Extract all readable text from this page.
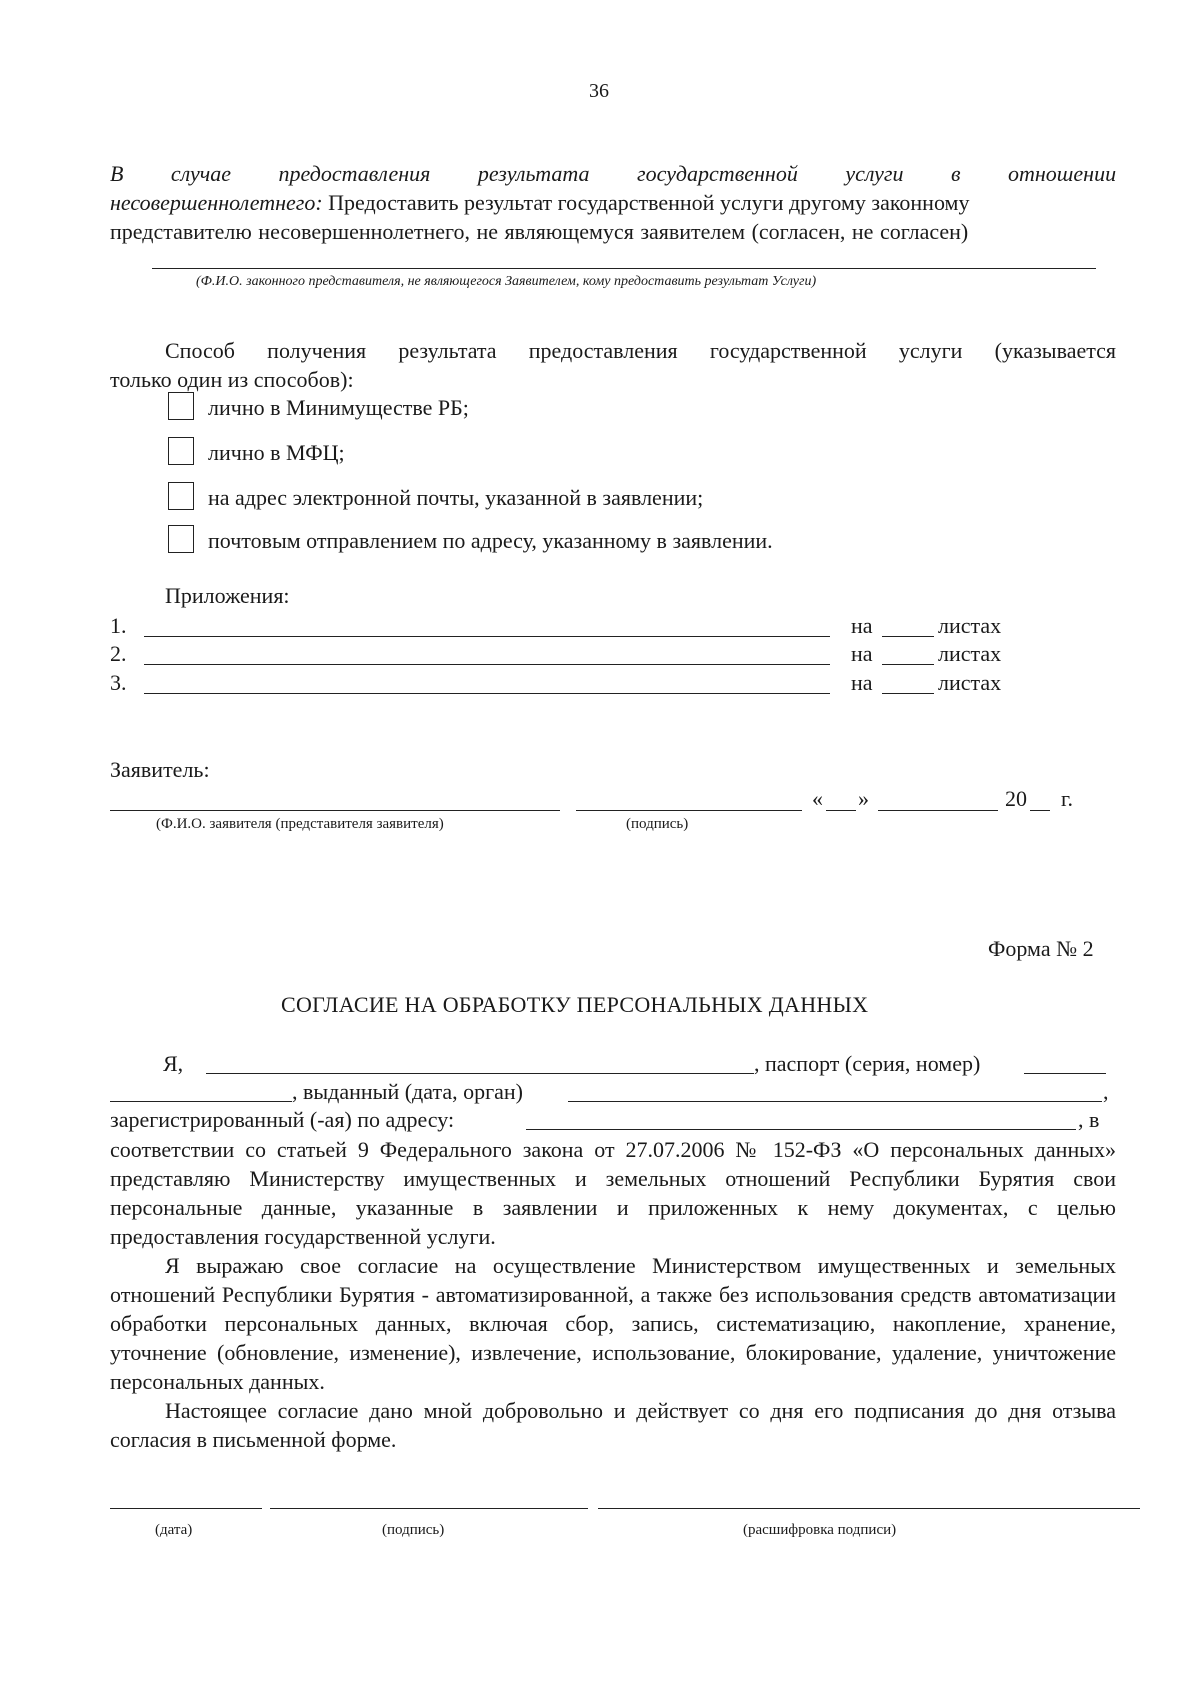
36
В случае предоставления результата государственной услуги в отношении
несовершеннолетнего: Предоставить результат государственной услуги другому законному
представителю несовершеннолетнего, не являющемуся заявителем (согласен, не согласен)
(Ф.И.О. законного представителя, не являющегося Заявителем, кому предоставить результат Услуги)
Способ получения результата предоставления государственной услуги (указывается
только один из способов):
лично в Минимуществе РБ;
лично в МФЦ;
на адрес электронной почты, указанной в заявлении;
почтовым отправлением по адресу, указанному в заявлении.
Приложения:
1.	на	листах
2.	на	листах
3.	на	листах
Заявитель:
« »	20 г.
(Ф.И.О. заявителя (представителя заявителя)	(подпись)
Форма № 2
СОГЛАСИЕ НА ОБРАБОТКУ ПЕРСОНАЛЬНЫХ ДАННЫХ
Я,	, паспорт (серия, номер)
, выданный (дата, орган)	,
зарегистрированный (-ая) по адресу:	, в
соответствии со статьей 9 Федерального закона от 27.07.2006 № 152-ФЗ «О персональных данных» представляю Министерству имущественных и земельных отношений Республики Бурятия свои персональные данные, указанные в заявлении и приложенных к нему документах, с целью предоставления государственной услуги.
Я выражаю свое согласие на осуществление Министерством имущественных и земельных отношений Республики Бурятия - автоматизированной, а также без использования средств автоматизации обработки персональных данных, включая сбор, запись, систематизацию, накопление, хранение, уточнение (обновление, изменение), извлечение, использование, блокирование, удаление, уничтожение персональных данных.
Настоящее согласие дано мной добровольно и действует со дня его подписания до дня отзыва согласия в письменной форме.
(дата)	(подпись)	(расшифровка подписи)
